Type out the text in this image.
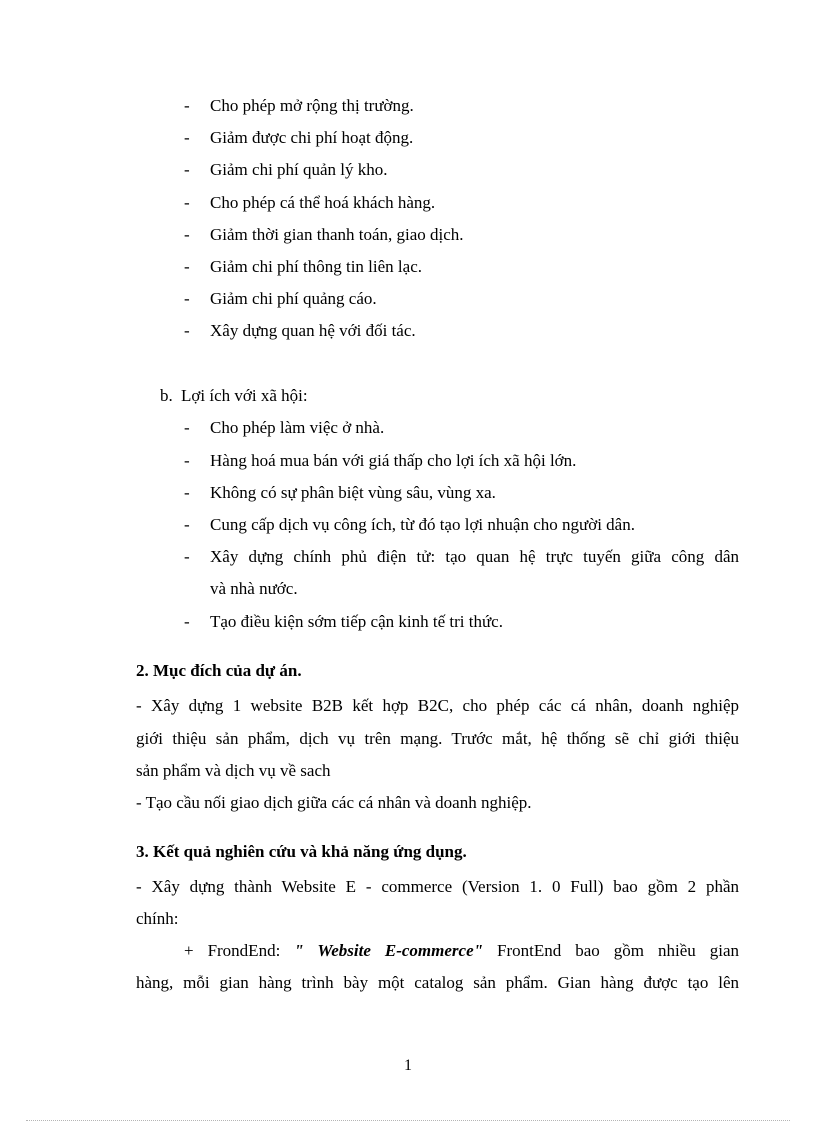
- Cho phép mở rộng thị trường.
- Giảm được chi phí hoạt động.
- Giảm chi phí quản lý kho.
- Cho phép cá thể hoá khách hàng.
- Giảm thời gian thanh toán, giao dịch.
- Giảm chi phí thông tin liên lạc.
- Giảm chi phí quảng cáo.
- Xây dựng quan hệ với đối tác.
b. Lợi ích với xã hội:
- Cho phép làm việc ở nhà.
- Hàng hoá mua bán với giá thấp cho lợi ích xã hội lớn.
- Không có sự phân biệt vùng sâu, vùng xa.
- Cung cấp dịch vụ công ích, từ đó tạo lợi nhuận cho người dân.
- Xây dựng chính phủ điện tử: tạo quan hệ trực tuyến giữa công dân
và nhà nước.
- Tạo điều kiện sớm tiếp cận kinh tế tri thức.
2. Mục đích của dự án.
- Xây dựng 1 website B2B kết hợp B2C, cho phép các cá nhân, doanh nghiệp
giới thiệu sản phẩm, dịch vụ trên mạng. Trước mắt, hệ thống sẽ chỉ giới thiệu
sản phẩm và dịch vụ về sach
- Tạo cầu nối giao dịch giữa các cá nhân và doanh nghiệp.
3. Kết quả nghiên cứu và khả năng ứng dụng.
- Xây dựng thành Website E - commerce (Version 1. 0 Full) bao gồm 2 phần
chính:
+ FrondEnd: " Website E-commerce" FrontEnd bao gồm nhiều gian
hàng, mỗi gian hàng trình bày một catalog sản phẩm. Gian hàng được tạo lên
1
